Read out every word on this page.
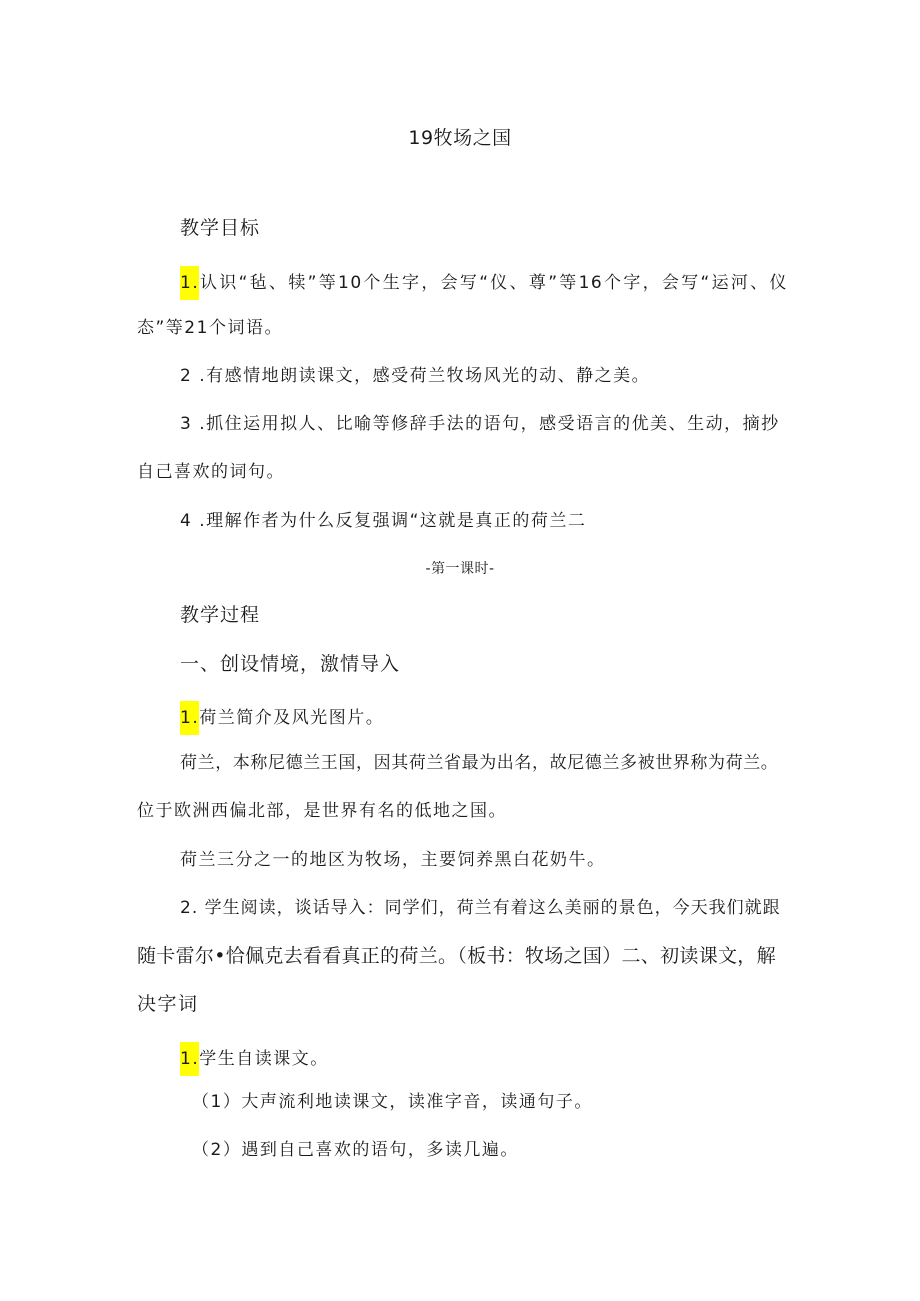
19牧场之国
教学目标
1.认识“毡、犊”等10个生字，会写“仪、尊”等16个字，会写“运河、仪
态”等21个词语。
2 .有感情地朗读课文，感受荷兰牧场风光的动、静之美。
3 .抓住运用拟人、比喻等修辞手法的语句，感受语言的优美、生动，摘抄
自己喜欢的词句。
4 .理解作者为什么反复强调“这就是真正的荷兰二
-第一课时-
教学过程
一、创设情境，激情导入
1.荷兰简介及风光图片。
荷兰，本称尼德兰王国，因其荷兰省最为出名，故尼德兰多被世界称为荷兰。
位于欧洲西偏北部，是世界有名的低地之国。
荷兰三分之一的地区为牧场，主要饲养黑白花奶牛。
2. 学生阅读，谈话导入：同学们，荷兰有着这么美丽的景色，今天我们就跟
随卡雷尔•恰佩克去看看真正的荷兰。（板书：牧场之国）二、初读课文，解
决字词
1.学生自读课文。
（1）大声流利地读课文，读准字音，读通句子。
（2）遇到自己喜欢的语句，多读几遍。
